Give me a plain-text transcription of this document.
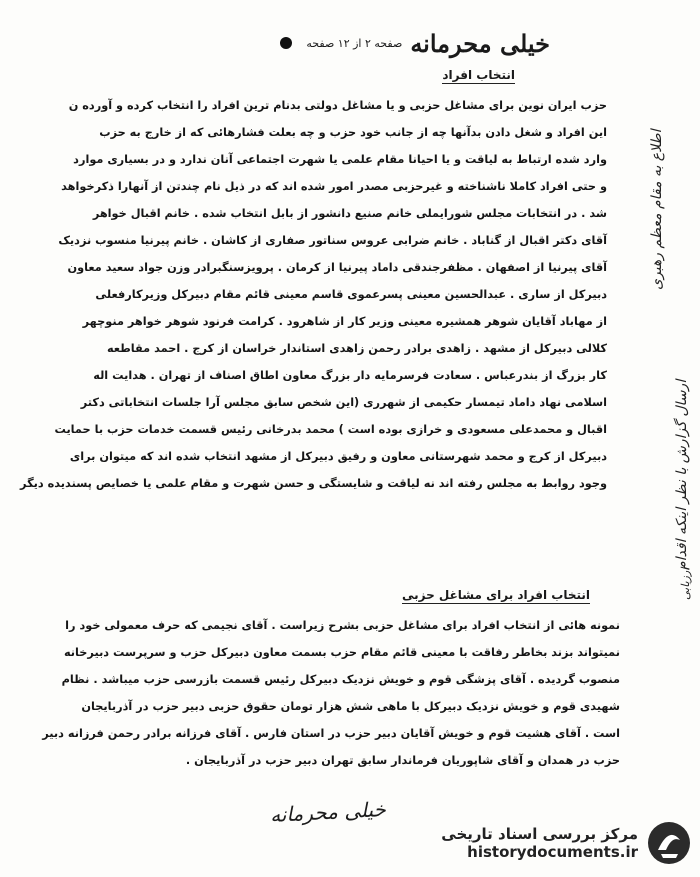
خیلی محرمانه
صفحه ۲ از ۱۲ صفحه
انتخاب افراد
حزب ایران نوین برای مشاغل حزبی و یا مشاغل دولتی بدنام ترین افراد را انتخاب کرده و آورده ن
این افراد و شغل دادن بدآنها چه از جانب خود حزب و چه بعلت فشارهائی که از خارج به حزب
وارد شده ارتباط به لیاقت و یا احیانا مقام علمی یا شهرت اجتماعی آنان ندارد و در بسیاری موارد
و حتی افراد کاملا ناشناخته و غیرحزبی مصدر امور شده اند که در ذیل نام چندتن از آنهارا ذکرخواهد
شد . در انتخابات مجلس شورایملی خانم صنیع دانشور از بابل انتخاب شده . خانم اقبال خواهر
آقای دکتر اقبال از گناباد . خانم ضرابی عروس سناتور صفاری از کاشان . خانم پیرنیا منسوب نزدیک
آقای پیرنیا از اصفهان . مظفرجندقی داماد پیرنیا از کرمان . پرویزسنگبرادر وزن جواد سعید معاون
دبیرکل از ساری . عبدالحسین معینی پسرعموی قاسم معینی قائم مقام دبیرکل وزیرکارفعلی
از مهاباد آقایان شوهر همشیره معینی وزیر کار از شاهرود . کرامت فرنود شوهر خواهر منوچهر
کلالی دبیرکل از مشهد . زاهدی برادر رحمن زاهدی استاندار خراسان از کرج . احمد مقاطعه
کار بزرگ از بندرعباس . سعادت فرسرمایه دار بزرگ معاون اطاق اصناف از تهران . هدایت اله
اسلامی نهاد داماد تیمسار حکیمی از شهرری (این شخص سابق مجلس آرا جلسات انتخاباتی دکتر
اقبال و محمدعلی مسعودی و خرازی بوده است ) محمد بدرخانی رئیس قسمت خدمات حزب با حمایت
دبیرکل از کرج و محمد شهرستانی معاون و رفیق دبیرکل از مشهد انتخاب شده اند که میتوان برای
وجود روابط به مجلس رفته اند نه لیاقت و شایستگی و حسن شهرت و مقام علمی یا خصایص پسندیده دیگر
انتخاب افراد برای مشاغل حزبی
نمونه هائی از انتخاب افراد برای مشاغل حزبی بشرح زیراست . آقای نجیمی که حرف معمولی خود را
نمیتواند بزند بخاطر رفاقت با معینی قائم مقام حزب بسمت معاون دبیرکل حزب و سرپرست دبیرخانه
منصوب گردیده . آقای پزشگی قوم و خویش نزدیک دبیرکل رئیس قسمت بازرسی حزب میباشد . نظام
شهیدی قوم و خویش نزدیک دبیرکل با ماهی شش هزار تومان حقوق حزبی دبیر حزب در آذربایجان
است . آقای هشیت قوم و خویش آقایان دبیر حزب در استان فارس . آقای فرزانه برادر رحمن فرزانه دبیر
حزب در همدان و آقای شاپوریان فرماندار سابق تهران دبیر حزب در آذربایجان .
اطلاع به مقام معظم رهبری
ارسال گزارش با نظر اینکه اقدام
ارزیابی
خیلی محرمانه
مرکز بررسی اسناد تاریخی
historydocuments.ir
